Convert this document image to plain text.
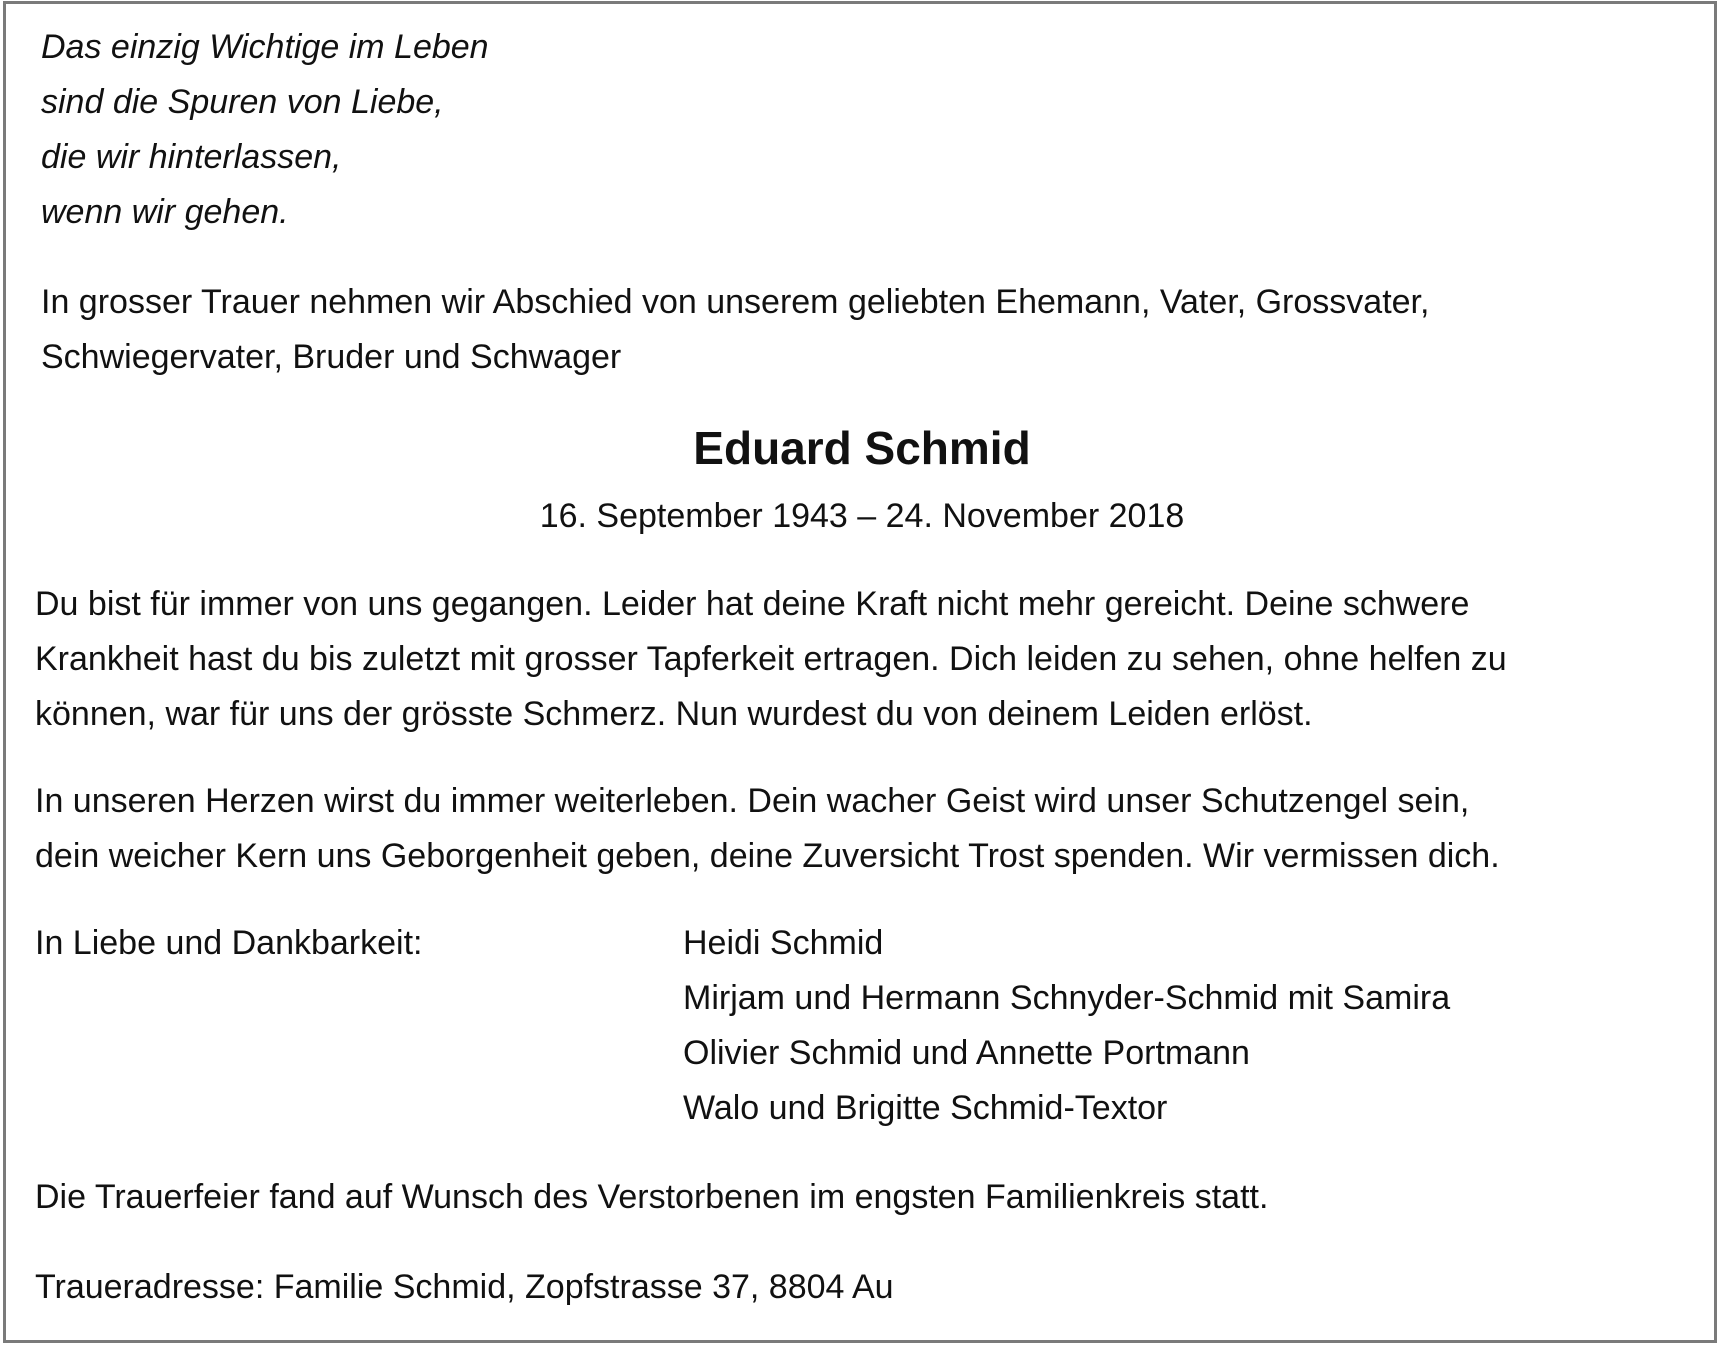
Das einzig Wichtige im Leben
sind die Spuren von Liebe,
die wir hinterlassen,
wenn wir gehen.
In grosser Trauer nehmen wir Abschied von unserem geliebten Ehemann, Vater, Grossvater,
Schwiegervater, Bruder und Schwager
Eduard Schmid
16. September 1943 – 24. November 2018
Du bist für immer von uns gegangen. Leider hat deine Kraft nicht mehr gereicht. Deine schwere
Krankheit hast du bis zuletzt mit grosser Tapferkeit ertragen. Dich leiden zu sehen, ohne helfen zu
können, war für uns der grösste Schmerz. Nun wurdest du von deinem Leiden erlöst.
In unseren Herzen wirst du immer weiterleben. Dein wacher Geist wird unser Schutzengel sein,
dein weicher Kern uns Geborgenheit geben, deine Zuversicht Trost spenden. Wir vermissen dich.
In Liebe und Dankbarkeit:	Heidi Schmid
Mirjam und Hermann Schnyder-Schmid mit Samira
Olivier Schmid und Annette Portmann
Walo und Brigitte Schmid-Textor
Die Trauerfeier fand auf Wunsch des Verstorbenen im engsten Familienkreis statt.
Traueradresse: Familie Schmid, Zopfstrasse 37, 8804 Au
